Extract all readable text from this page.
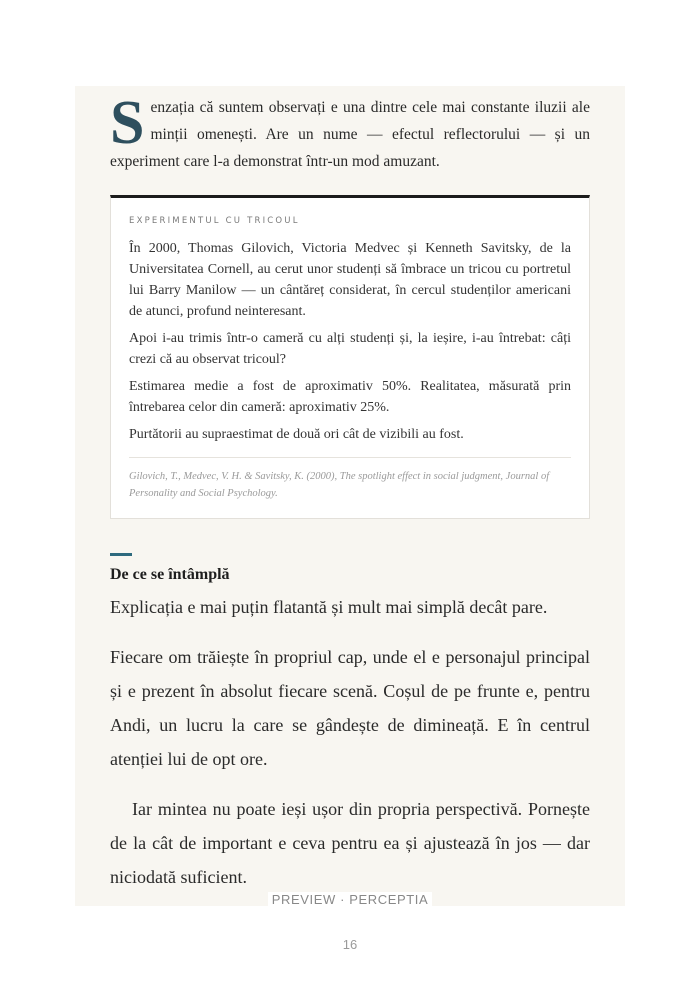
Senzația că suntem observați e una dintre cele mai constante iluzii ale minții omenești. Are un nume — efectul reflectorului — și un experiment care l-a demonstrat într-un mod amuzant.

EXPERIMENTUL CU TRICOUL

În 2000, Thomas Gilovich, Victoria Medvec și Kenneth Savitsky, de la Universitatea Cornell, au cerut unor studenți să îmbrace un tricou cu portretul lui Barry Manilow — un cântăreț considerat, în cercul studenților americani de atunci, profund neinteresant.

Apoi i-au trimis într-o cameră cu alți studenți și, la ieșire, i-au întrebat: câți crezi că au observat tricoul?

Estimarea medie a fost de aproximativ 50%. Realitatea, măsurată prin întrebarea celor din cameră: aproximativ 25%.

Purtătorii au supraestimat de două ori cât de vizibili au fost.

Gilovich, T., Medvec, V. H. & Savitsky, K. (2000), The spotlight effect in social judgment, Journal of Personality and Social Psychology.

De ce se întâmplă

Explicația e mai puțin flatantă și mult mai simplă decât pare.

Fiecare om trăiește în propriul cap, unde el e personajul principal și e prezent în absolut fiecare scenă. Coșul de pe frunte e, pentru Andi, un lucru la care se gândește de dimineață. E în centrul atenției lui de opt ore.

Iar mintea nu poate ieși ușor din propria perspectivă. Pornește de la cât de important e ceva pentru ea și ajustează în jos — dar niciodată suficient.

PREVIEW · PERCEPTIA
16
